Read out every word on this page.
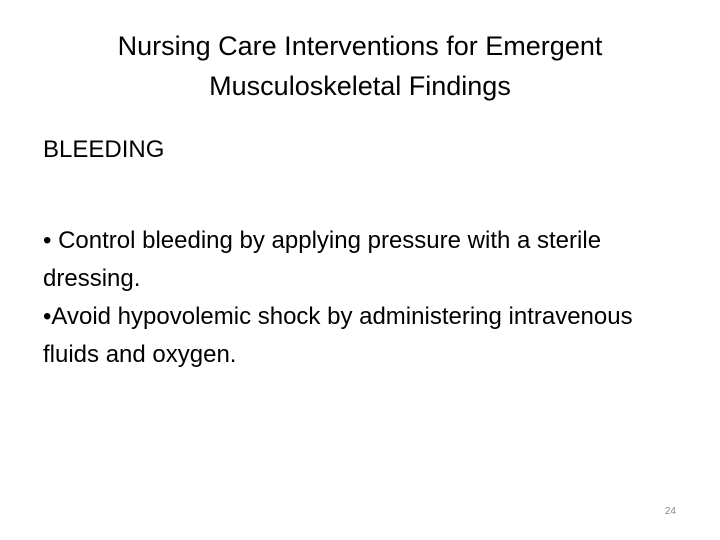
Nursing Care Interventions for Emergent
Musculoskeletal Findings

BLEEDING

• Control bleeding by applying pressure with a sterile dressing.
•Avoid hypovolemic shock by administering intravenous fluids and oxygen.
24
